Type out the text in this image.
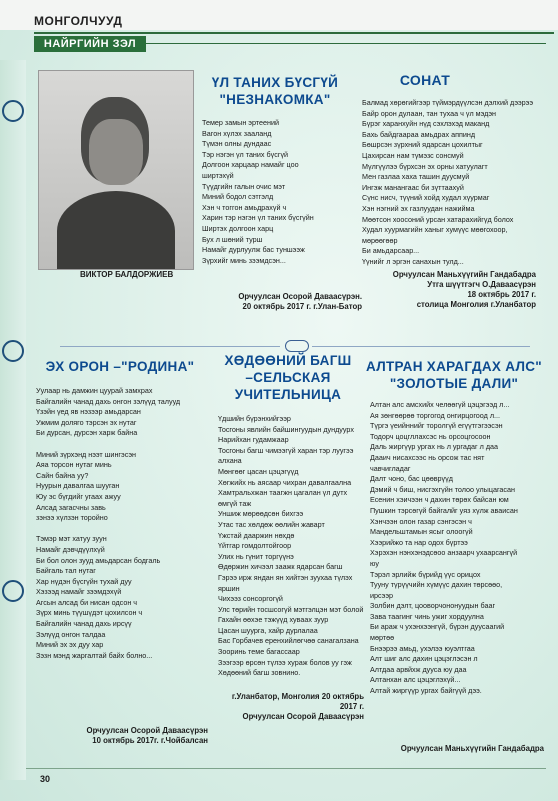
МОНГОЛЧУУД
НАЙРГИЙН ЗЭЛ
ВИКТОР БАЛДОРЖИЕВ
ҮЛ ТАНИХ БҮСГҮЙ
"НЕЗНАКОМКА"
Темер замын эртеений
Вагон хүлэх зааланд
Түмэн олны дундаас
Тэр нэгэн үл таних бүсгүй
Долгоон харцаар намайг цоо
ширтэхүй
Түүдгийн галын очис мэт
Миний бодол сэтгэлд
Хэн ч тоггон амьдрахүй ч
Харин тэр нэгэн үл таних бүсгүйн
Ширтэх долгоон харц
Бух л шөний турш
Намайг дурлуулж бас туншээж
Зүрхийг минь зээмдсэн...
Орчуулсан Осорой Даваасүрэн.
20 октябрь 2017 г. г.Улан-Батор
СОНАТ
Балмад хөрөгийгээр түймэрдүүлсэн дэлхий дээрээ
Байр орон дулаан, тан тухаа ч үл мэдэн
Бүрэг харанхуйн нүд сэхлэхэд маканд
Бахь байдгаараа амьдрах аппинд
Бөшрсэн зүрхний ядарсан цохилтыг
Цахирсан нам түмэзс сонсмуй
Мүлгүүлээ бүрхсэн эх орны хатуулагт
Мен газлаа хаха ташин дуусмуй
Ингэж манангаас би зүттаахуй
Сүнс нисч, түүний хойд худал хүурмаг
Хэн нэгний эх газлуудан нажийма
Мөөтсон хоосоний урсан хатарахийгүд болох
Худал хуурмагийн ханыг хумүүс мөөгохоор,
мөрөөгөөр
Би амьдарсаар...
Үүнийг л эргэн санахын тулд...
Орчуулсан Маньхүүгийн Гандабадра
Утга шүүтгэгч О.Даваасүрэн
18 октябрь 2017 г.
столица Монголия г.Улaнбатор
ЭХ ОРОН –"РОДИНА"
Уулаар нь дамжин цуурай замхрах
Байгалийн чанад дахь онгон зэлүүд талууд
Үзэйн үед яв нэзээр амьдарсан
Ужмим доляго тэрсэн эх нутаг
Би дурсан, дурсэн харж байна

Миний зүрхэнд нээт шингэсэн
Аяа торсон нутаг минь
Сайн байна уу?
Нуурын давалгаа шууган
Юу эс бүгдийг угаах ажуу
Алсад загасчны завь
зэнээ хүлзэн торойно

Тэмэр мэт хатуу зуун
Намайг дэвчдүүлхүй
Би бол олон зууд амьдарсан бодгаль
Байгаль тал нутаг
Хар нүдэн бүсгүйн тухай дуу
Хэзээд намайг зээмдэхүй
Агсын алсад би нисан одсон ч
Зүрх минь түүшүдэт цохилсон ч
Байгалийн чанад дахь ирсүү
Зэлүүд онгон талдаа
Миний эх эх дуу хар
Зэзн мэнд жаргалтай байх болно...
Орчуулсан Осорой Даваасүрэн
10 октябрь 2017г. г.Чойбалсан
ХӨДӨӨНИЙ БАГШ
–СЕЛЬСКАЯ
УЧИТЕЛЬНИЦА
Үдшийн бүрэнхийгээр
Тосгоны явлийн байшингуудын дундуурх
Нарийхан гудамжаар
Тосгоны багш чимээгүй харан тэр луугээ
алхана
Мөнгөөг цасан цэцэгүүд
Хөгжийх нь аясаар чихран давалгаална
Хамтральхжан таагжн цагалан үл дутх
өмгүй таж
Уншиж мөрөөдсөн бихгээ
Утас тас хөлдөж өөлийн жаварт
Үжстай дааржин нөхдө
Үйтгар гомдолтойгоор
Улих нь гүнит торгүүнэ
Өдөржин хичээл заажк ядарсан багш
Гэрээ ирж яндан ян хийтэн зуухаа түлэх
яршин
Чихээз сонсоргогүй
Улс төрийн тосшсогүй мэтгэлцэн мэт болой
Гахайн өөхэе тэжүүд хуваах зуур
Цасан шуурга, хайр дурлалаа
Бас Горбачев еренхийлөгчөө санагалзана
Зооринь теме багассаар
Зээгээр өрсөн түлээ хураж болов уу гэж
Хөдөөний багш зовнино.
г.Улaнбатор, Монголия 20 октябрь
2017 г.
Орчуулсан Осорой Даваасүрэн
АЛТРАН ХАРАГДАХ АЛС"
"ЗОЛОТЫЕ ДАЛИ"
Алтан алс амсхийх челөөгүй цэцэгээд л...
Ая зөнгөөрөө торгогод онгирцогоод л...
Түргэ үеийннийг торолгүй егүүтгэгээсэн
Тодорч цоцгллахсэс нь орсоцгосоон
Даль жиргүүр ургах нь л ургадаг л даа
Дааич нисахсээс нь орсож тас нят
чавчигладаг
Далт чоно, бас цөөврүүд
Дэмий ч биш, нисгэхгүйн толоо улыцагасан
Есенин хэичээн ч дахин төрөх байсан юм
Пушкин тэрсөгүй байгалйг уяз хүлж аваисан
Хэнчээн олон газар сэнгэсэн ч
Мандельштамын ясыг олоогүй
Хээрийжо та нар одох бүртээ
Хэрэхэн нэнхэнэдсөоо анзаарч ухаарсангүй
юу
Тэрэл эрлийж бүрийд үүс орицох
Тууну түрүүчийн хүмүүс дахин төрсөөо,
ирсээр
Золбин дэлт, цооворчононуудын бааг
Зава таагинг чинь ужиг хордуулна
Би араж ч ухэнхээнгүй, бүрэн дуусаагий
мөртөө
Бнээрээ амьд, ухэлээ юуэлтгаа
Алт шиг алс дахин цэцэглэсэн л
Алтдаа арвйхж дууса юу даа
Алтанхан алс цэцэглэхүй...
Алтай жиргүүр ургах байгүүй дээ.
Орчуулсан Маньхүүгийн Гандабадра
30
